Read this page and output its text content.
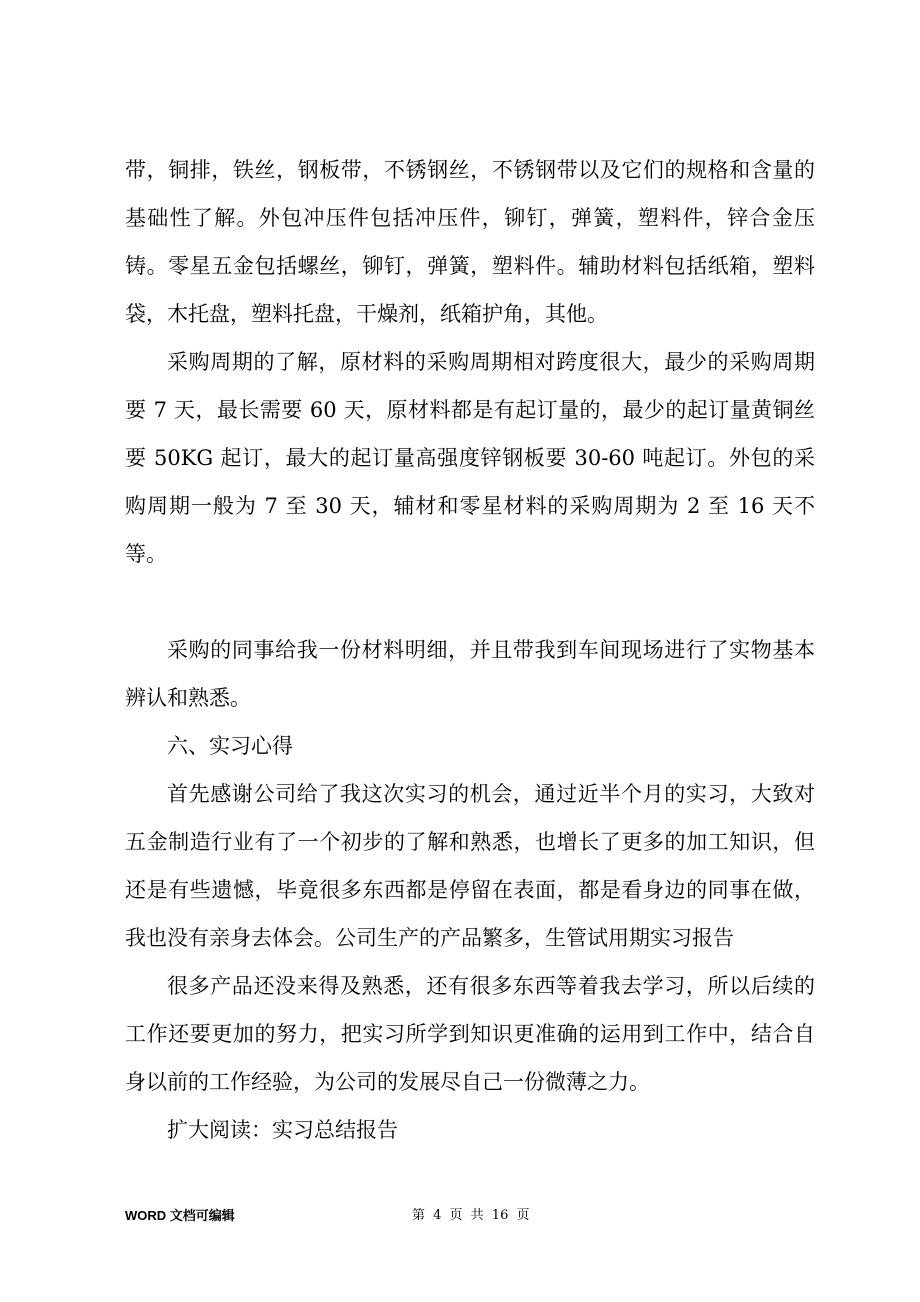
带，铜排，铁丝，钢板带，不锈钢丝，不锈钢带以及它们的规格和含量的基础性了解。外包冲压件包括冲压件，铆钉，弹簧，塑料件，锌合金压铸。零星五金包括螺丝，铆钉，弹簧，塑料件。辅助材料包括纸箱，塑料袋，木托盘，塑料托盘，干燥剂，纸箱护角，其他。

采购周期的了解，原材料的采购周期相对跨度很大，最少的采购周期要 7 天，最长需要 60 天，原材料都是有起订量的，最少的起订量黄铜丝要 50KG 起订，最大的起订量高强度锌钢板要 30-60 吨起订。外包的采购周期一般为 7 至 30 天，辅材和零星材料的采购周期为 2 至 16 天不等。

采购的同事给我一份材料明细，并且带我到车间现场进行了实物基本辨认和熟悉。

六、实习心得

首先感谢公司给了我这次实习的机会，通过近半个月的实习，大致对五金制造行业有了一个初步的了解和熟悉，也增长了更多的加工知识，但还是有些遗憾，毕竟很多东西都是停留在表面，都是看身边的同事在做，我也没有亲身去体会。公司生产的产品繁多，生管试用期实习报告

很多产品还没来得及熟悉，还有很多东西等着我去学习，所以后续的工作还要更加的努力，把实习所学到知识更准确的运用到工作中，结合自身以前的工作经验，为公司的发展尽自己一份微薄之力。

扩大阅读：实习总结报告

WORD 文档可编辑	第 4 页 共 16 页
